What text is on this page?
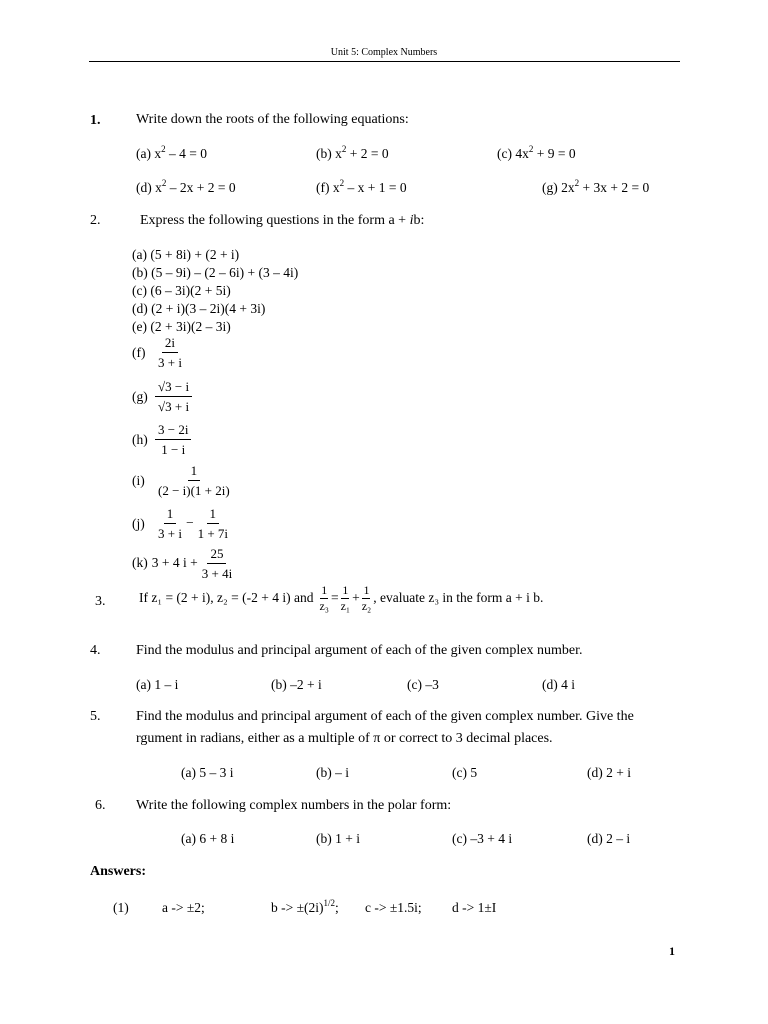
Unit 5: Complex Numbers
1.	Write down the roots of the following equations:
(a) $x^2 - 4 = 0$	(b) $x^2 + 2 = 0$	(c) $4x^2 + 9 = 0$
(d) $x^2 - 2x + 2 = 0$	(f) $x^2 - x + 1 = 0$	(g) $2x^2 + 3x + 2 = 0$
2.	Express the following questions in the form a + ib:
(a) (5 + 8i) + (2 + i)
(b) (5 – 9i) – (2 – 6i) + (3 – 4i)
(c) (6 – 3i)(2 + 5i)
(d) (2 + i)(3 – 2i)(4 + 3i)
(e) (2 + 3i)(2 – 3i)
$(f) \frac{2i}{3 + i}$
$(g) \frac{√3 - i}{√3 + i}$
$(h) \frac{3 - 2i}{1 - i}$
$(i) \frac{1}{(2 - i)(1 + 2i)}$
$(j) \frac{1}{3 + i} - \frac{1}{1 + 7i}$
(k) 3 + 4 $i + \frac{25}{3 + 4i}$
3. If z₁ = (2 + i), z₂ = (-2 + 4 i) and $\frac{1}{\text{z₃}} = \frac{1}{\text{z₁}} + \frac{1}{\text{z₂}}$ , evaluate z₃ in the form a + i b.
4.	Find the modulus and principal argument of each of the given complex number.
(a) 1 – i	(b) –2 + i	(c) –3	(d) 4 i
5.	Find the modulus and principal argument of each of the given complex number. Give the
rgument in radians, either as a multiple of π or correct to 3 decimal places.
(a) 5 – 3 i	(b) – i	(c) 5	(d) 2 + i
6. Write the following complex numbers in the polar form:
(a) 6 + 8 i	(b) 1 + i	(c) –3 + 4 i	(d) 2 – i
Answers:
(1) a -> ±2;	$b -> \pm(2i)^{1/2}$; c -> ±1.5i; d -> 1±I
1
